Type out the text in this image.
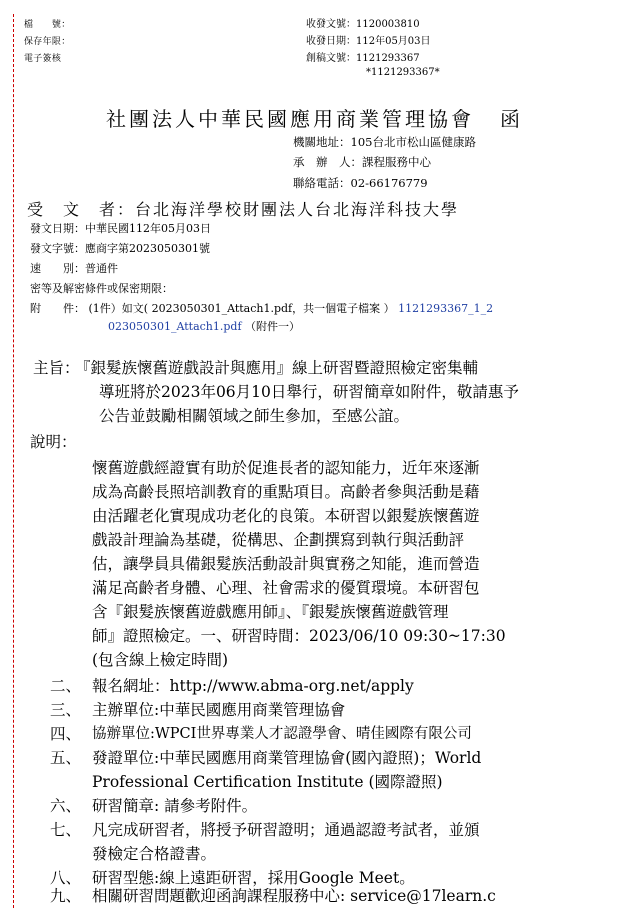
檔　　號：
保存年限：
電子簽核
收發文號：1120003810
收發日期：112年05月03日
創稿文號：1121293367
*1121293367*
社團法人中華民國應用商業管理協會 函
機關地址：105台北市松山區健康路
承　辦　人：課程服務中心
聯絡電話：02-66176779
受　文　者：台北海洋學校財團法人台北海洋科技大學
發文日期：中華民國112年05月03日
發文字號：應商字第2023050301號
速　　別：普通件
密等及解密條件或保密期限：
附　　件： (1件）如文( 2023050301_Attach1.pdf，共一個電子檔案 ） 1121293367_1_2
023050301_Attach1.pdf （附件一）
主旨：
『銀髮族懷舊遊戲設計與應用』線上研習暨證照檢定密集輔
導班將於2023年06月10日舉行，研習簡章如附件，敬請惠予
公告並鼓勵相關領域之師生參加，至感公誼。
說明：
懷舊遊戲經證實有助於促進長者的認知能力，近年來逐漸
成為高齡長照培訓教育的重點項目。高齡者參與活動是藉
由活躍老化實現成功老化的良策。本研習以銀髮族懷舊遊
戲設計理論為基礎，從構思、企劃撰寫到執行與活動評
估，讓學員具備銀髮族活動設計與實務之知能，進而營造
滿足高齡者身體、心理、社會需求的優質環境。本研習包
含『銀髮族懷舊遊戲應用師』、『銀髮族懷舊遊戲管理
師』證照檢定。一、研習時間：2023/06/10 09:30~17:30
(包含線上檢定時間)
二、 報名網址：http://www.abma-org.net/apply
三、 主辦單位:中華民國應用商業管理協會
四、 協辦單位:WPCI世界專業人才認證學會、晴佳國際有限公司
五、 發證單位:中華民國應用商業管理協會(國內證照)；World
Professional Certification Institute (國際證照)
六、 研習簡章: 請參考附件。
七、 凡完成研習者，將授予研習證明；通過認證考試者，並頒
發檢定合格證書。
八、 研習型態:線上遠距研習，採用Google Meet。
九、 相關研習問題歡迎函詢課程服務中心: service@17learn.c
